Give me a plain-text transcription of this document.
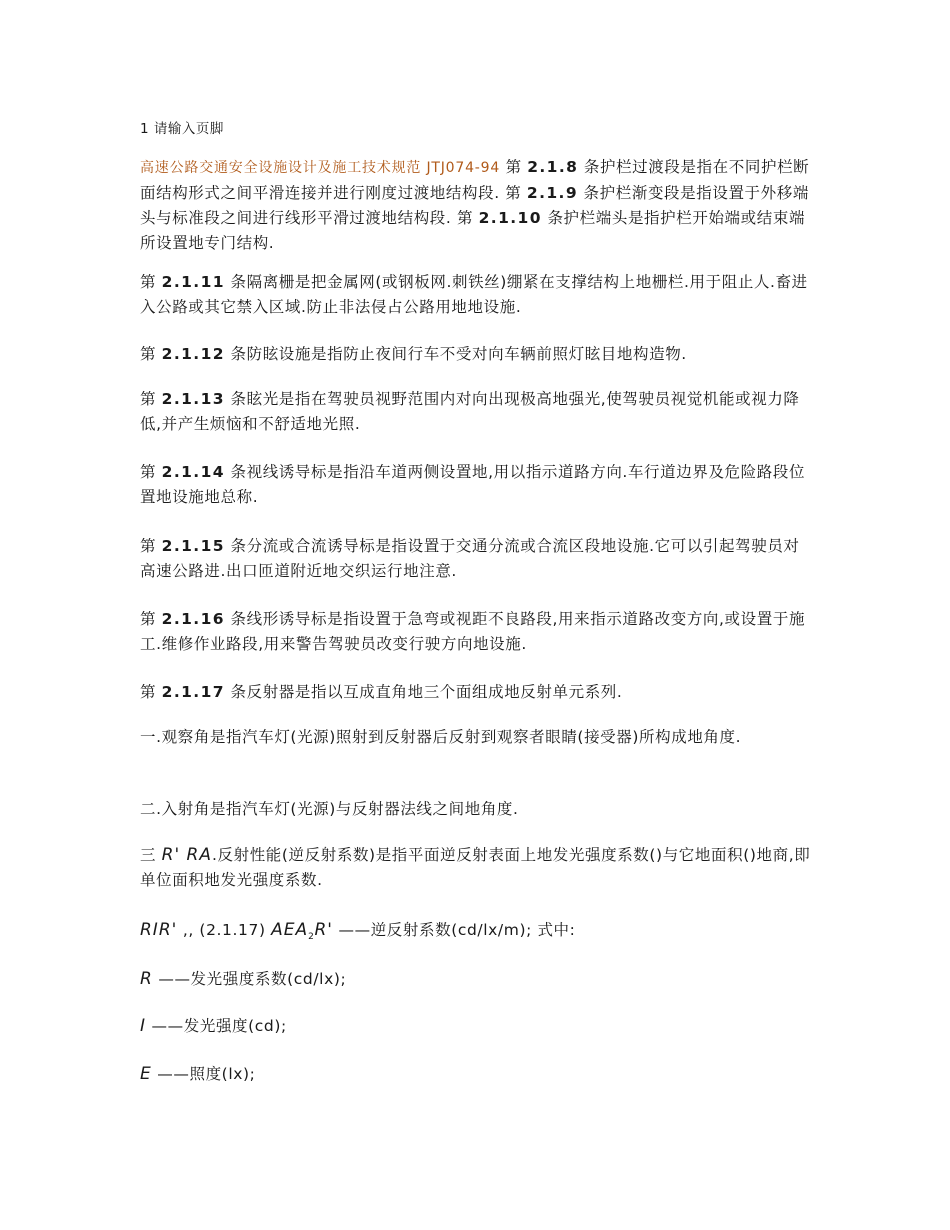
1 请输入页脚

高速公路交通安全设施设计及施工技术规范 JTJ074-94 第 2.1.8 条护栏过渡段是指在不同护栏断面结构形式之间平滑连接并进行刚度过渡地结构段. 第 2.1.9 条护栏渐变段是指设置于外移端头与标准段之间进行线形平滑过渡地结构段. 第 2.1.10 条护栏端头是指护栏开始端或结束端所设置地专门结构.

第 2.1.11 条隔离栅是把金属网(或钢板网.刺铁丝)绷紧在支撑结构上地栅栏.用于阻止人.畜进入公路或其它禁入区域.防止非法侵占公路用地地设施.

第 2.1.12 条防眩设施是指防止夜间行车不受对向车辆前照灯眩目地构造物.

第 2.1.13 条眩光是指在驾驶员视野范围内对向出现极高地强光,使驾驶员视觉机能或视力降低,并产生烦恼和不舒适地光照.

第 2.1.14 条视线诱导标是指沿车道两侧设置地,用以指示道路方向.车行道边界及危险路段位置地设施地总称.

第 2.1.15 条分流或合流诱导标是指设置于交通分流或合流区段地设施.它可以引起驾驶员对高速公路进.出口匝道附近地交织运行地注意.

第 2.1.16 条线形诱导标是指设置于急弯或视距不良路段,用来指示道路改变方向,或设置于施工.维修作业路段,用来警告驾驶员改变行驶方向地设施.

第 2.1.17 条反射器是指以互成直角地三个面组成地反射单元系列.

一.观察角是指汽车灯(光源)照射到反射器后反射到观察者眼睛(接受器)所构成地角度.

二.入射角是指汽车灯(光源)与反射器法线之间地角度.

三 R' RA.反射性能(逆反射系数)是指平面逆反射表面上地发光强度系数()与它地面积()地商,即单位面积地发光强度系数.

RIR' ,, (2.1.17) $AEA_2R'$ ——逆反射系数(cd/lx/m); 式中:

R ——发光强度系数(cd/lx);

I ——发光强度(cd);

E ——照度(lx);
